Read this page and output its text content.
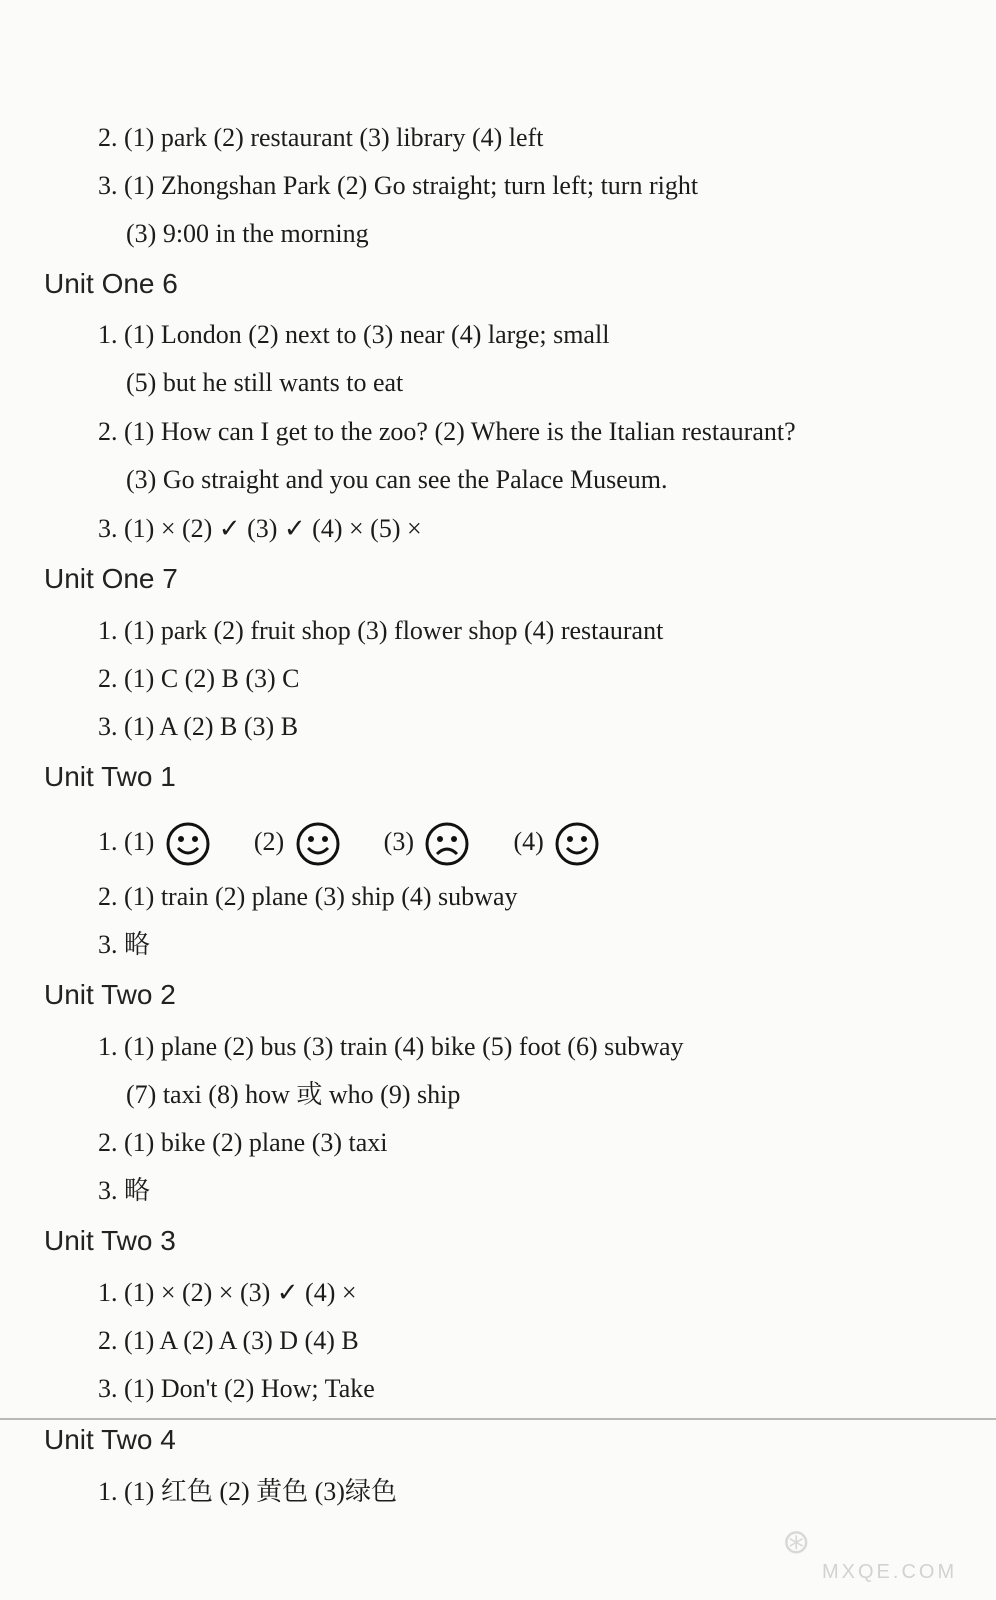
2. (1) park (2) restaurant (3) library (4) left
3. (1) Zhongshan Park (2) Go straight; turn left; turn right
(3) 9:00 in the morning
Unit One 6
1. (1) London (2) next to (3) near (4) large; small
(5) but he still wants to eat
2. (1) How can I get to the zoo? (2) Where is the Italian restaurant?
(3) Go straight and you can see the Palace Museum.
3. (1) × (2) ✓ (3) ✓ (4) × (5) ×
Unit One 7
1. (1) park (2) fruit shop (3) flower shop (4) restaurant
2. (1) C (2) B (3) C
3. (1) A (2) B (3) B
Unit Two 1
1. (1)	(2)	(3)	(4)
2. (1) train (2) plane (3) ship (4) subway
3. 略
Unit Two 2
1. (1) plane (2) bus (3) train (4) bike (5) foot (6) subway
(7) taxi (8) how 或 who (9) ship
2. (1) bike (2) plane (3) taxi
3. 略
Unit Two 3
1. (1) × (2) × (3) ✓ (4) ×
2. (1) A (2) A (3) D (4) B
3. (1) Don't (2) How; Take
Unit Two 4
1. (1) 红色 (2) 黄色 (3)绿色
⊛
MXQE.COM
